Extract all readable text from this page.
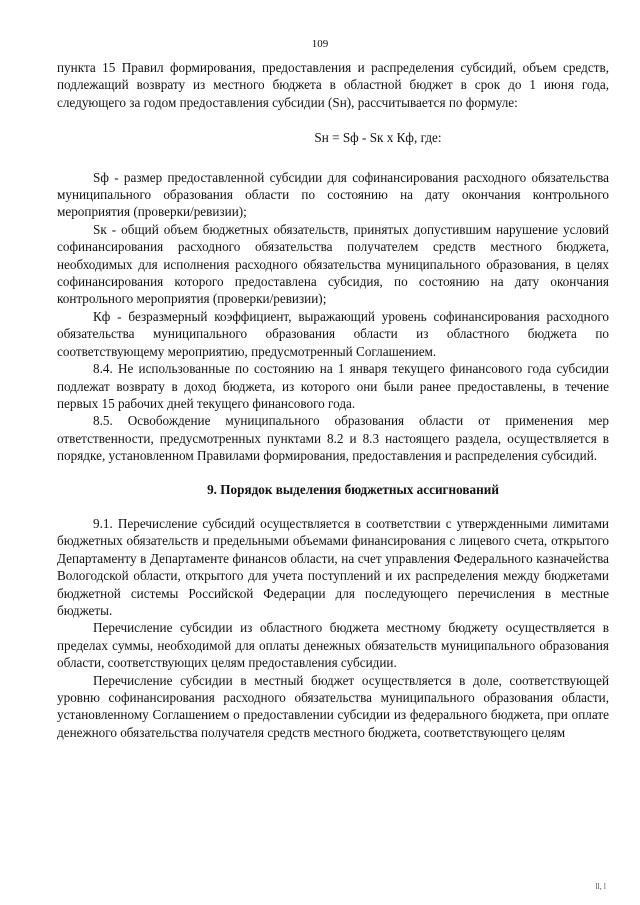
109

пункта 15 Правил формирования, предоставления и распределения субсидий, объем средств, подлежащий возврату из местного бюджета в областной бюджет в срок до 1 июня года, следующего за годом предоставления субсидии (Sн), рассчитывается по формуле:

Sн = Sф - Sк x Кф, где:

Sф - размер предоставленной субсидии для софинансирования расходного обязательства муниципального образования области по состоянию на дату окончания контрольного мероприятия (проверки/ревизии);

Sк - общий объем бюджетных обязательств, принятых допустившим нарушение условий софинансирования расходного обязательства получателем средств местного бюджета, необходимых для исполнения расходного обязательства муниципального образования, в целях софинансирования которого предоставлена субсидия, по состоянию на дату окончания контрольного мероприятия (проверки/ревизии);

Кф - безразмерный коэффициент, выражающий уровень софинансирования расходного обязательства муниципального образования области из областного бюджета по соответствующему мероприятию, предусмотренный Соглашением.

8.4. Не использованные по состоянию на 1 января текущего финансового года субсидии подлежат возврату в доход бюджета, из которого они были ранее предоставлены, в течение первых 15 рабочих дней текущего финансового года.

8.5. Освобождение муниципального образования области от применения мер ответственности, предусмотренных пунктами 8.2 и 8.3 настоящего раздела, осуществляется в порядке, установленном Правилами формирования, предоставления и распределения субсидий.

9. Порядок выделения бюджетных ассигнований

9.1. Перечисление субсидий осуществляется в соответствии с утвержденными лимитами бюджетных обязательств и предельными объемами финансирования с лицевого счета, открытого Департаменту в Департаменте финансов области, на счет управления Федерального казначейства Вологодской области, открытого для учета поступлений и их распределения между бюджетами бюджетной системы Российской Федерации для последующего перечисления в местные бюджеты.

Перечисление субсидии из областного бюджета местному бюджету осуществляется в пределах суммы, необходимой для оплаты денежных обязательств муниципального образования области, соответствующих целям предоставления субсидии.

Перечисление субсидии в местный бюджет осуществляется в доле, соответствующей уровню софинансирования расходного обязательства муниципального образования области, установленному Соглашением о предоставлении субсидии из федерального бюджета, при оплате денежного обязательства получателя средств местного бюджета, соответствующего целям

ll, l
